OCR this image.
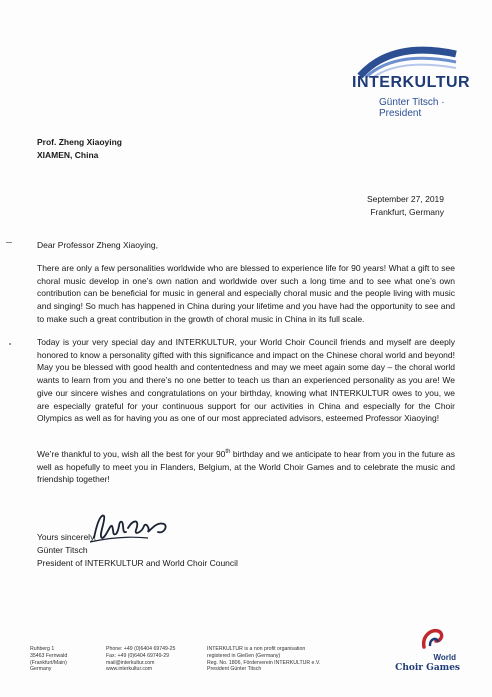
INTERKULTUR
Günter Titsch · President
Prof. Zheng Xiaoying
XIAMEN, China
September 27, 2019
Frankfurt, Germany
Dear Professor Zheng Xiaoying,
There are only a few personalities worldwide who are blessed to experience life for 90 years! What a gift to see choral music develop in one’s own nation and worldwide over such a long time and to see what one’s own contribution can be beneficial for music in general and especially choral music and the people living with music and singing! So much has happened in China during your lifetime and you have had the opportunity to see and to make such a great contribution in the growth of choral music in China in its full scale.
Today is your very special day and INTERKULTUR, your World Choir Council friends and myself are deeply honored to know a personality gifted with this significance and impact on the Chinese choral world and beyond! May you be blessed with good health and contentedness and may we meet again some day – the choral world wants to learn from you and there’s no one better to teach us than an experienced personality as you are! We give our sincere wishes and congratulations on your birthday, knowing what INTERKULTUR owes to you, we are especially grateful for your continuous support for our activities in China and especially for the Choir Olympics as well as for having you as one of our most appreciated advisors, esteemed Professor Xiaoying!
We’re thankful to you, wish all the best for your 90th birthday and we anticipate to hear from you in the future as well as hopefully to meet you in Flanders, Belgium, at the World Choir Games and to celebrate the music and friendship together!
Yours sincerely,
Günter Titsch
President of INTERKULTUR and World Choir Council
Ruhberg 1
35463 Fernwald
(Frankfurt/Main)
Germany
Phone: +49 (0)6404 69749-25
Fax: +49 (0)6404 69749-29
mail@interkultur.com
www.interkultur.com
INTERKULTUR is a non profit organisation
registered in Gießen (Germany)
Reg. No. 1806, Förderverein INTERKULTUR e.V.
President Günter Titsch
World
Choir Games
